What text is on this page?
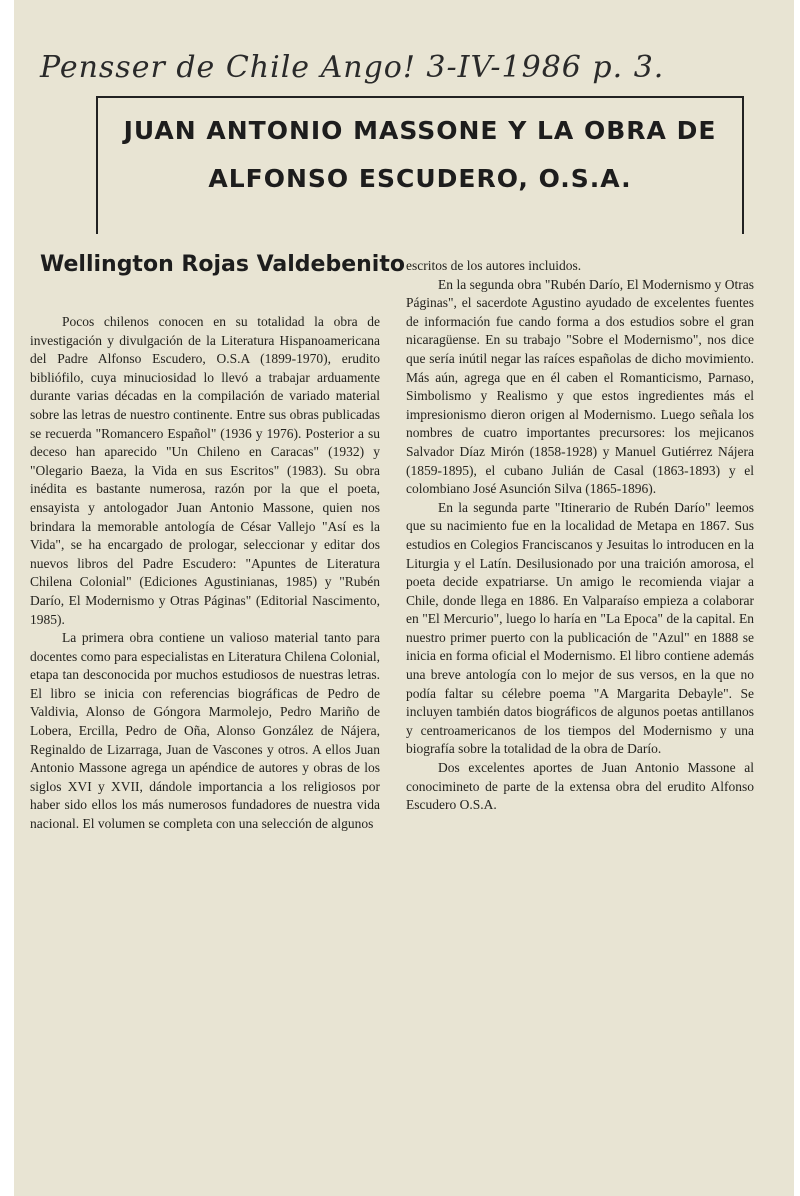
Pensser de Chile Ango! 3-IV-1986 p. 3.
JUAN ANTONIO MASSONE Y LA OBRA DE
ALFONSO ESCUDERO, O.S.A.
Wellington Rojas Valdebenito

Pocos chilenos conocen en su totalidad la obra de investigación y divulgación de la Literatura Hispanoamericana del Padre Alfonso Escudero, O.S.A (1899-1970), erudito bibliófilo, cuya minuciosidad lo llevó a trabajar arduamente durante varias décadas en la compilación de variado material sobre las letras de nuestro continente. Entre sus obras publicadas se recuerda "Romancero Español" (1936 y 1976). Posterior a su deceso han aparecido "Un Chileno en Caracas" (1932) y "Olegario Baeza, la Vida en sus Escritos" (1983). Su obra inédita es bastante numerosa, razón por la que el poeta, ensayista y antologador Juan Antonio Massone, quien nos brindara la memorable antología de César Vallejo "Así es la Vida", se ha encargado de prologar, seleccionar y editar dos nuevos libros del Padre Escudero: "Apuntes de Literatura Chilena Colonial" (Ediciones Agustinianas, 1985) y "Rubén Darío, El Modernismo y Otras Páginas" (Editorial Nascimento, 1985).

La primera obra contiene un valioso material tanto para docentes como para especialistas en Literatura Chilena Colonial, etapa tan desconocida por muchos estudiosos de nuestras letras. El libro se inicia con referencias biográficas de Pedro de Valdivia, Alonso de Góngora Marmolejo, Pedro Mariño de Lobera, Ercilla, Pedro de Oña, Alonso González de Nájera, Reginaldo de Lizarraga, Juan de Vascones y otros. A ellos Juan Antonio Massone agrega un apéndice de autores y obras de los siglos XVI y XVII, dándole importancia a los religiosos por haber sido ellos los más numerosos fundadores de nuestra vida nacional. El volumen se completa con una selección de algunos

escritos de los autores incluidos.

En la segunda obra "Rubén Darío, El Modernismo y Otras Páginas", el sacerdote Agustino ayudado de excelentes fuentes de información fue cando forma a dos estudios sobre el gran nicaragüense. En su trabajo "Sobre el Modernismo", nos dice que sería inútil negar las raíces españolas de dicho movimiento. Más aún, agrega que en él caben el Romanticismo, Parnaso, Simbolismo y Realismo y que estos ingredientes más el impresionismo dieron origen al Modernismo. Luego señala los nombres de cuatro importantes precursores: los mejicanos Salvador Díaz Mirón (1858-1928) y Manuel Gutiérrez Nájera (1859-1895), el cubano Julián de Casal (1863-1893) y el colombiano José Asunción Silva (1865-1896).

En la segunda parte "Itinerario de Rubén Darío" leemos que su nacimiento fue en la localidad de Metapa en 1867. Sus estudios en Colegios Franciscanos y Jesuitas lo introducen en la Liturgia y el Latín. Desilusionado por una traición amorosa, el poeta decide expatriarse. Un amigo le recomienda viajar a Chile, donde llega en 1886. En Valparaíso empieza a colaborar en "El Mercurio", luego lo haría en "La Epoca" de la capital. En nuestro primer puerto con la publicación de "Azul" en 1888 se inicia en forma oficial el Modernismo. El libro contiene además una breve antología con lo mejor de sus versos, en la que no podía faltar su célebre poema "A Margarita Debayle". Se incluyen también datos biográficos de algunos poetas antillanos y centroamericanos de los tiempos del Modernismo y una biografía sobre la totalidad de la obra de Darío.

Dos excelentes aportes de Juan Antonio Massone al conocimineto de parte de la extensa obra del erudito Alfonso Escudero O.S.A.
